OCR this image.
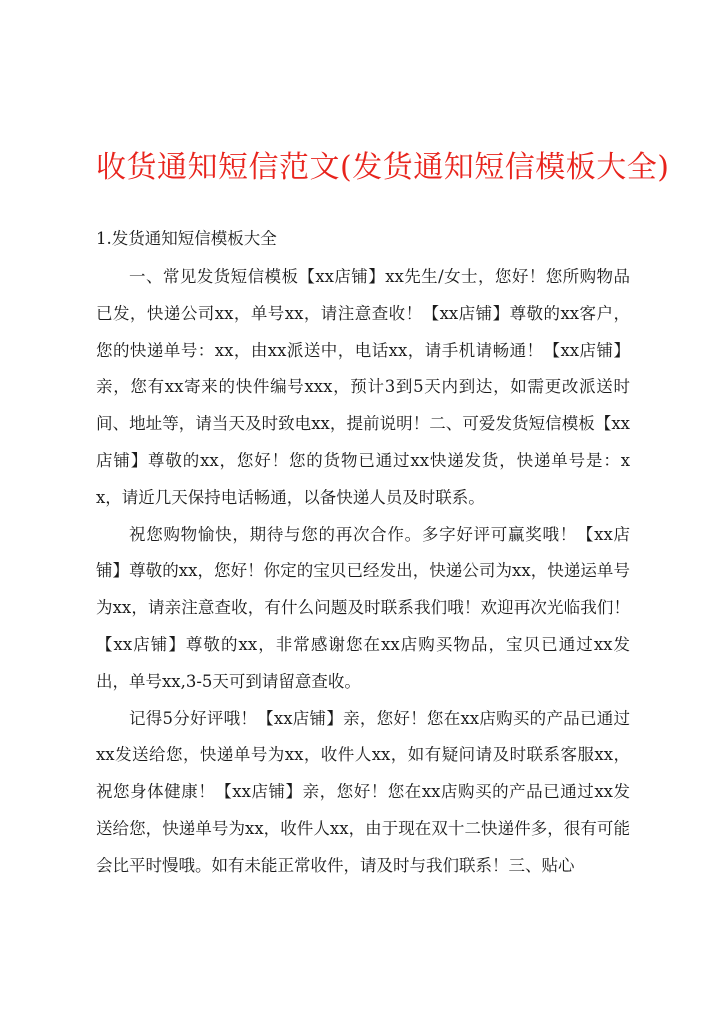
收货通知短信范文(发货通知短信模板大全)
1.发货通知短信模板大全

一、常见发货短信模板【xx店铺】xx先生/女士，您好！您所购物品已发，快递公司xx，单号xx，请注意查收！【xx店铺】尊敬的xx客户，您的快递单号：xx，由xx派送中，电话xx，请手机请畅通！【xx店铺】亲，您有xx寄来的快件编号xxx，预计3到5天内到达，如需更改派送时间、地址等，请当天及时致电xx，提前说明！二、可爱发货短信模板【xx店铺】尊敬的xx，您好！您的货物已通过xx快递发货，快递单号是：xx，请近几天保持电话畅通，以备快递人员及时联系。

祝您购物愉快，期待与您的再次合作。多字好评可赢奖哦！【xx店铺】尊敬的xx，您好！你定的宝贝已经发出，快递公司为xx，快递运单号为xx，请亲注意查收，有什么问题及时联系我们哦！欢迎再次光临我们！【xx店铺】尊敬的xx，非常感谢您在xx店购买物品，宝贝已通过xx发出，单号xx,3-5天可到请留意查收。

记得5分好评哦！【xx店铺】亲，您好！您在xx店购买的产品已通过xx发送给您，快递单号为xx，收件人xx，如有疑问请及时联系客服xx，祝您身体健康！【xx店铺】亲，您好！您在xx店购买的产品已通过xx发送给您，快递单号为xx，收件人xx，由于现在双十二快递件多，很有可能会比平时慢哦。如有未能正常收件，请及时与我们联系！三、贴心
